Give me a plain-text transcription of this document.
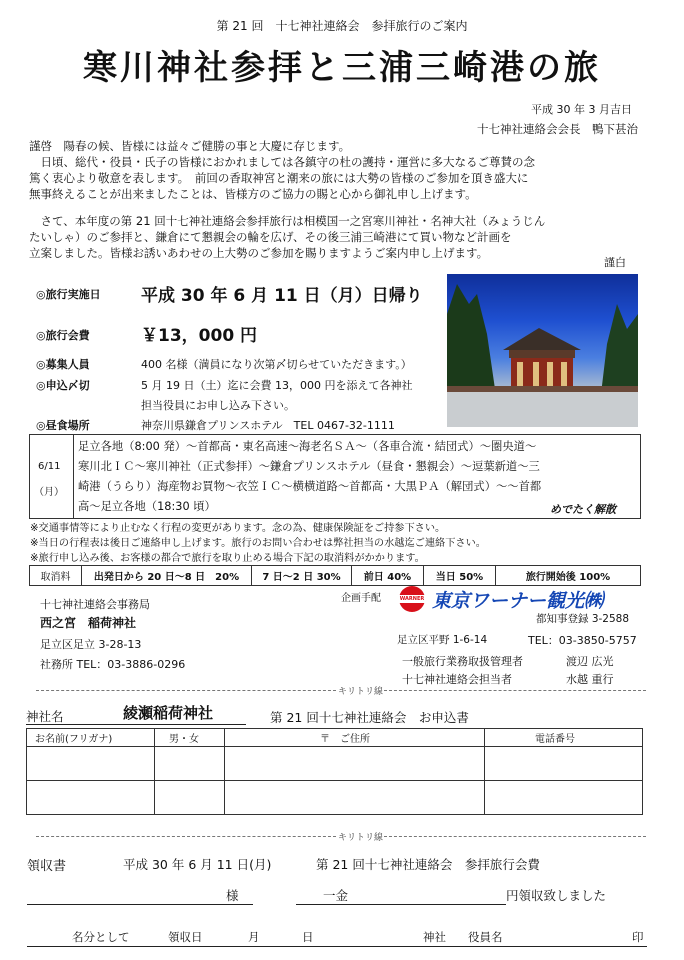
第 21 回　十七神社連絡会　参拝旅行のご案内
寒川神社参拝と三浦三崎港の旅
平成 30 年 3 月吉日
十七神社連絡会会長　鴨下甚治
謹啓　陽春の候、皆様には益々ご健勝の事と大慶に存じます。
　日頃、総代・役員・氏子の皆様におかれましては各鎮守の杜の護持・運営に多大なるご尊賛の念
篤く衷心より敬意を表します。　前回の香取神宮と潮来の旅には大勢の皆様のご参加を頂き盛大に
無事終えることが出来ましたことは、皆様方のご協力の賜と心から御礼申し上げます。
　さて、本年度の第 21 回十七神社連絡会参拝旅行は相模国一之宮寒川神社・名神大社（みょうじん
たいしゃ）のご参拝と、鎌倉にて懇親会の輪を広げ、その後三浦三崎港にて買い物など計画を
立案しました。皆様お誘いあわせの上大勢のご参加を賜りますようご案内申し上げます。
謹白
◎旅行実施日 平成 30 年 6 月 11 日（月）日帰り
◎旅行会費	￥13，000 円
◎募集人員	400 名様（満員になり次第〆切らせていただきます。）
◎申込〆切	5 月 19 日（土）迄に会費 13，000 円を添えて各神社
担当役員にお申し込み下さい。
◎昼食場所	神奈川県鎌倉プリンスホテル　TEL 0467-32-1111
6/11
（月）
足立各地（8:00 発）～首都高・東名高速～海老名ＳＡ～（各車合流・結団式）～圏央道～
寒川北ＩＣ～寒川神社（正式参拝）～鎌倉プリンスホテル（昼食・懇親会）～逗葉新道～三
崎港（うらり）海産物お買物～衣笠ＩＣ～横横道路～首都高・大黒ＰＡ（解団式）～～首都
高～足立各地（18:30 頃）	めでたく解散
※交通事情等により止むなく行程の変更があります。念の為、健康保険証をご持参下さい。
※当日の行程表は後日ご連絡申し上げます。旅行のお問い合わせは弊社担当の水越迄ご連絡下さい。
※旅行申し込み後、お客様の都合で旅行を取り止める場合下記の取消料がかかります。
取消料	出発日から 20 日～8 日　20%	7 日～2 日 30%	前日 40%	当日 50%	旅行開始後 100%
十七神社連絡会事務局
西之宮　稲荷神社
足立区足立 3-28-13
社務所 TEL：03-3886-0296
企画手配	WARNER 東京ワーナー観光㈱
都知事登録 3-2588
足立区平野 1-6-14	TEL：03-3850-5757
一般旅行業務取扱管理者	渡辺 広光
十七神社連絡会担当者	水越 重行
キリトリ線
神社名	綾瀬稲荷神社	第 21 回十七神社連絡会　お申込書
お名前(フリガナ)	男・女	〒　ご住所	電話番号

キリトリ線
領収書	平成 30 年 6 月 11 日(月)	第 21 回十七神社連絡会　参拝旅行会費
様	一金	円領収致しました
名分として	領収日	月	日	神社 役員名	印
